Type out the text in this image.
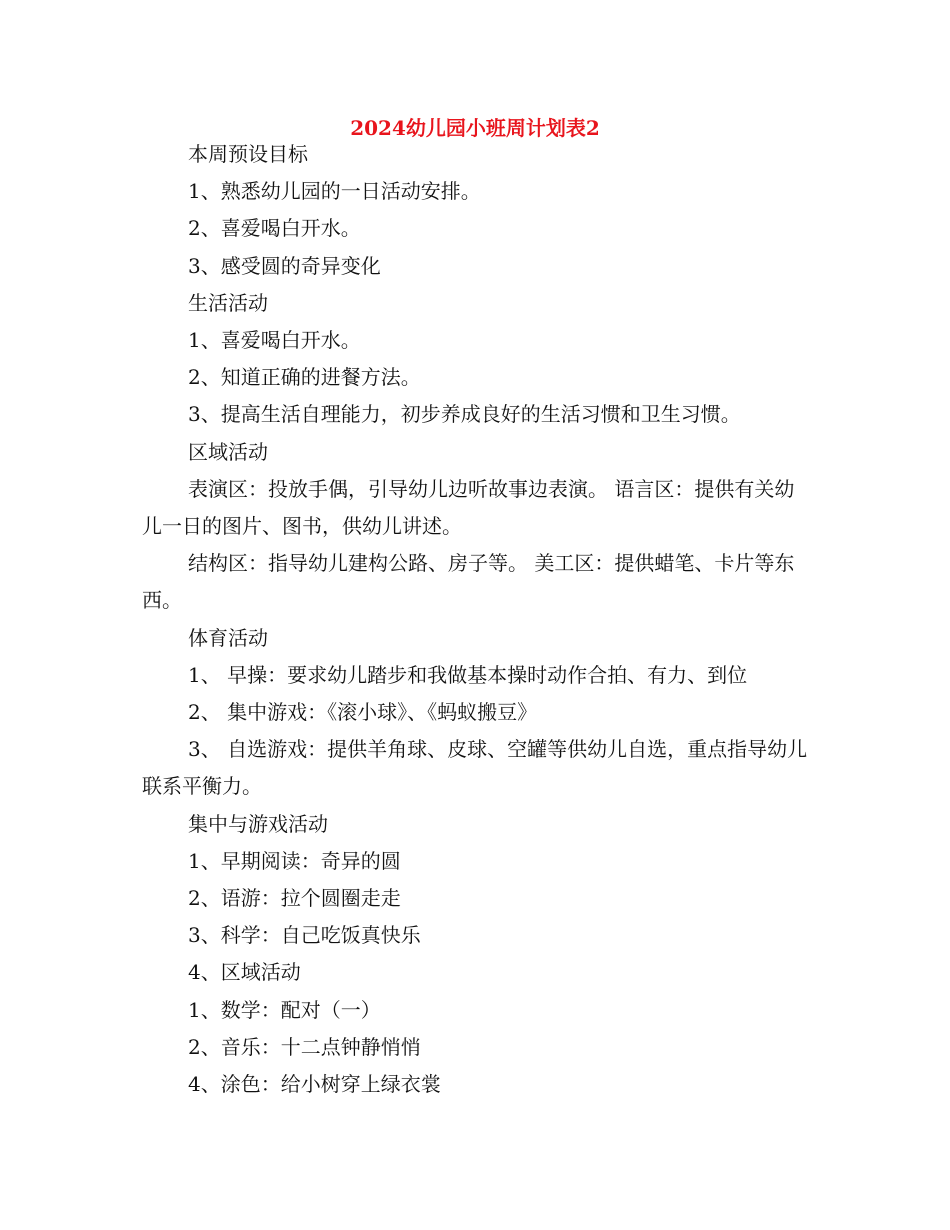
2024幼儿园小班周计划表2

本周预设目标

1、熟悉幼儿园的一日活动安排。

2、喜爱喝白开水。

3、感受圆的奇异变化

生活活动

1、喜爱喝白开水。

2、知道正确的进餐方法。

3、提高生活自理能力，初步养成良好的生活习惯和卫生习惯。

区域活动

表演区：投放手偶，引导幼儿边听故事边表演。 语言区：提供有关幼儿一日的图片、图书，供幼儿讲述。

结构区：指导幼儿建构公路、房子等。 美工区：提供蜡笔、卡片等东西。

体育活动

1、 早操：要求幼儿踏步和我做基本操时动作合拍、有力、到位

2、 集中游戏：《滚小球》、《蚂蚁搬豆》

3、 自选游戏：提供羊角球、皮球、空罐等供幼儿自选，重点指导幼儿联系平衡力。

集中与游戏活动

1、早期阅读：奇异的圆

2、语游：拉个圆圈走走

3、科学：自己吃饭真快乐

4、区域活动

1、数学：配对（一）

2、音乐：十二点钟静悄悄

4、涂色：给小树穿上绿衣裳
